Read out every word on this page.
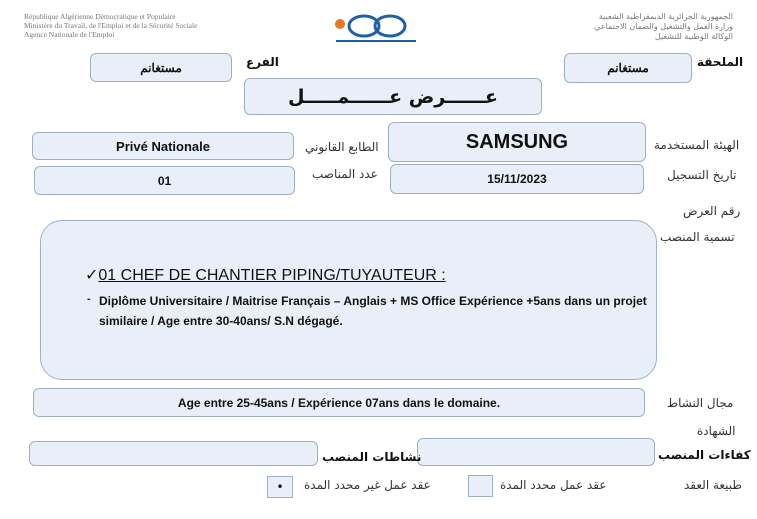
République Algérienne Démocratique et Populaire
Ministère du Travail, de l'Emploi et de la Sécurité Sociale
Agence Nationale de l'Emploi
الجمهورية الجزائرية الديمقراطية الشعبية
وزارة العمل والتشغيل والضمان الاجتماعي
الوكالة الوطنية للتشغيل
الملحقة
مستغانم
الفرع
مستغانم
عــــــرض عــــــمـــــل
الهيئة المستخدمة
SAMSUNG
الطابع القانوني
Privé Nationale
تاريخ التسجيل
15/11/2023
عدد المناصب
01
رقم العرض
تسمية المنصب
✓01 CHEF DE CHANTIER PIPING/TUYAUTEUR :
- Diplôme Universitaire / Maitrise Français – Anglais + MS Office Expérience +5ans dans un projet similaire / Age entre 30-40ans/ S.N dégagé.
مجال النشاط
Age entre 25-45ans / Expérience 07ans dans le domaine.
الشهادة
كفاءات المنصب
نشاطات المنصب
طبيعة العقد
عقد عمل محدد المدة
عقد عمل غير محدد المدة
•
